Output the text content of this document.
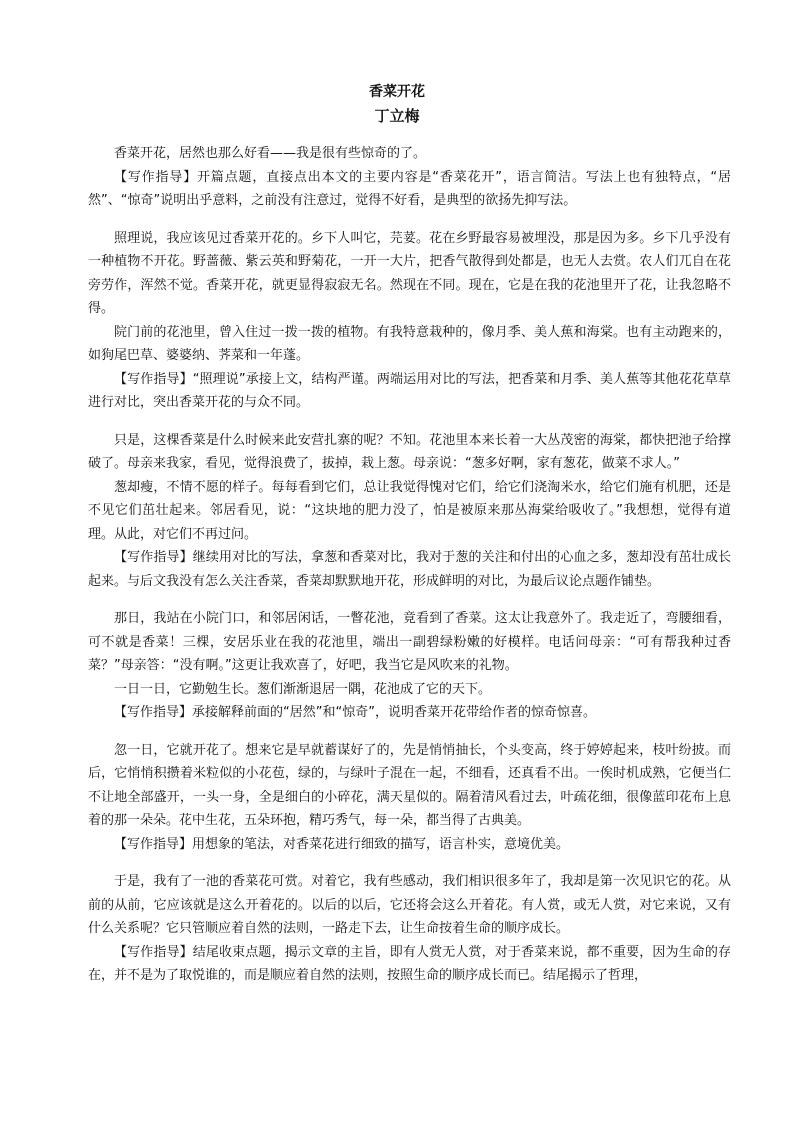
香菜开花
丁立梅

香菜开花，居然也那么好看——我是很有些惊奇的了。

【写作指导】开篇点题，直接点出本文的主要内容是“香菜花开”，语言简洁。写法上也有独特点，“居然”、“惊奇”说明出乎意料，之前没有注意过，觉得不好看，是典型的欲扬先抑写法。

照理说，我应该见过香菜开花的。乡下人叫它，芫荽。花在乡野最容易被埋没，那是因为多。乡下几乎没有一种植物不开花。野蔷薇、紫云英和野菊花，一开一大片，把香气散得到处都是，也无人去赏。农人们兀自在花旁劳作，浑然不觉。香菜开花，就更显得寂寂无名。然现在不同。现在，它是在我的花池里开了花，让我忽略不得。

院门前的花池里，曾入住过一拨一拨的植物。有我特意栽种的，像月季、美人蕉和海棠。也有主动跑来的，如狗尾巴草、婆婆纳、荠菜和一年蓬。

【写作指导】“照理说”承接上文，结构严谨。两端运用对比的写法，把香菜和月季、美人蕉等其他花花草草进行对比，突出香菜开花的与众不同。

只是，这棵香菜是什么时候来此安营扎寨的呢？不知。花池里本来长着一大丛茂密的海棠，都快把池子给撑破了。母亲来我家，看见，觉得浪费了，拔掉，栽上葱。母亲说：“葱多好啊，家有葱花，做菜不求人。”

葱却瘦，不情不愿的样子。每每看到它们，总让我觉得愧对它们，给它们浇淘米水，给它们施有机肥，还是不见它们茁壮起来。邻居看见，说：“这块地的肥力没了，怕是被原来那丛海棠给吸收了。”我想想，觉得有道理。从此，对它们不再过问。

【写作指导】继续用对比的写法，拿葱和香菜对比，我对于葱的关注和付出的心血之多，葱却没有茁壮成长起来。与后文我没有怎么关注香菜，香菜却默默地开花，形成鲜明的对比，为最后议论点题作铺垫。

那日，我站在小院门口，和邻居闲话，一瞥花池，竟看到了香菜。这太让我意外了。我走近了，弯腰细看，可不就是香菜！三棵，安居乐业在我的花池里，端出一副碧绿粉嫩的好模样。电话问母亲：“可有帮我种过香菜？”母亲答：“没有啊。”这更让我欢喜了，好吧，我当它是风吹来的礼物。

一日一日，它勤勉生长。葱们渐渐退居一隅，花池成了它的天下。

【写作指导】承接解释前面的“居然”和“惊奇”，说明香菜开花带给作者的惊奇惊喜。

忽一日，它就开花了。想来它是早就蓄谋好了的，先是悄悄抽长，个头变高，终于婷婷起来，枝叶纷披。而后，它悄悄积攒着米粒似的小花苞，绿的，与绿叶子混在一起，不细看，还真看不出。一俟时机成熟，它便当仁不让地全部盛开，一头一身，全是细白的小碎花，满天星似的。隔着清风看过去，叶疏花细，很像蓝印花布上息着的那一朵朵。花中生花，五朵环抱，精巧秀气，每一朵，都当得了古典美。

【写作指导】用想象的笔法，对香菜花进行细致的描写，语言朴实，意境优美。

于是，我有了一池的香菜花可赏。对着它，我有些感动，我们相识很多年了，我却是第一次见识它的花。从前的从前，它应该就是这么开着花的。以后的以后，它还将会这么开着花。有人赏，或无人赏，对它来说，又有什么关系呢？它只管顺应着自然的法则，一路走下去，让生命按着生命的顺序成长。

【写作指导】结尾收束点题，揭示文章的主旨，即有人赏无人赏，对于香菜来说，都不重要，因为生命的存在，并不是为了取悦谁的，而是顺应着自然的法则，按照生命的顺序成长而已。结尾揭示了哲理，
